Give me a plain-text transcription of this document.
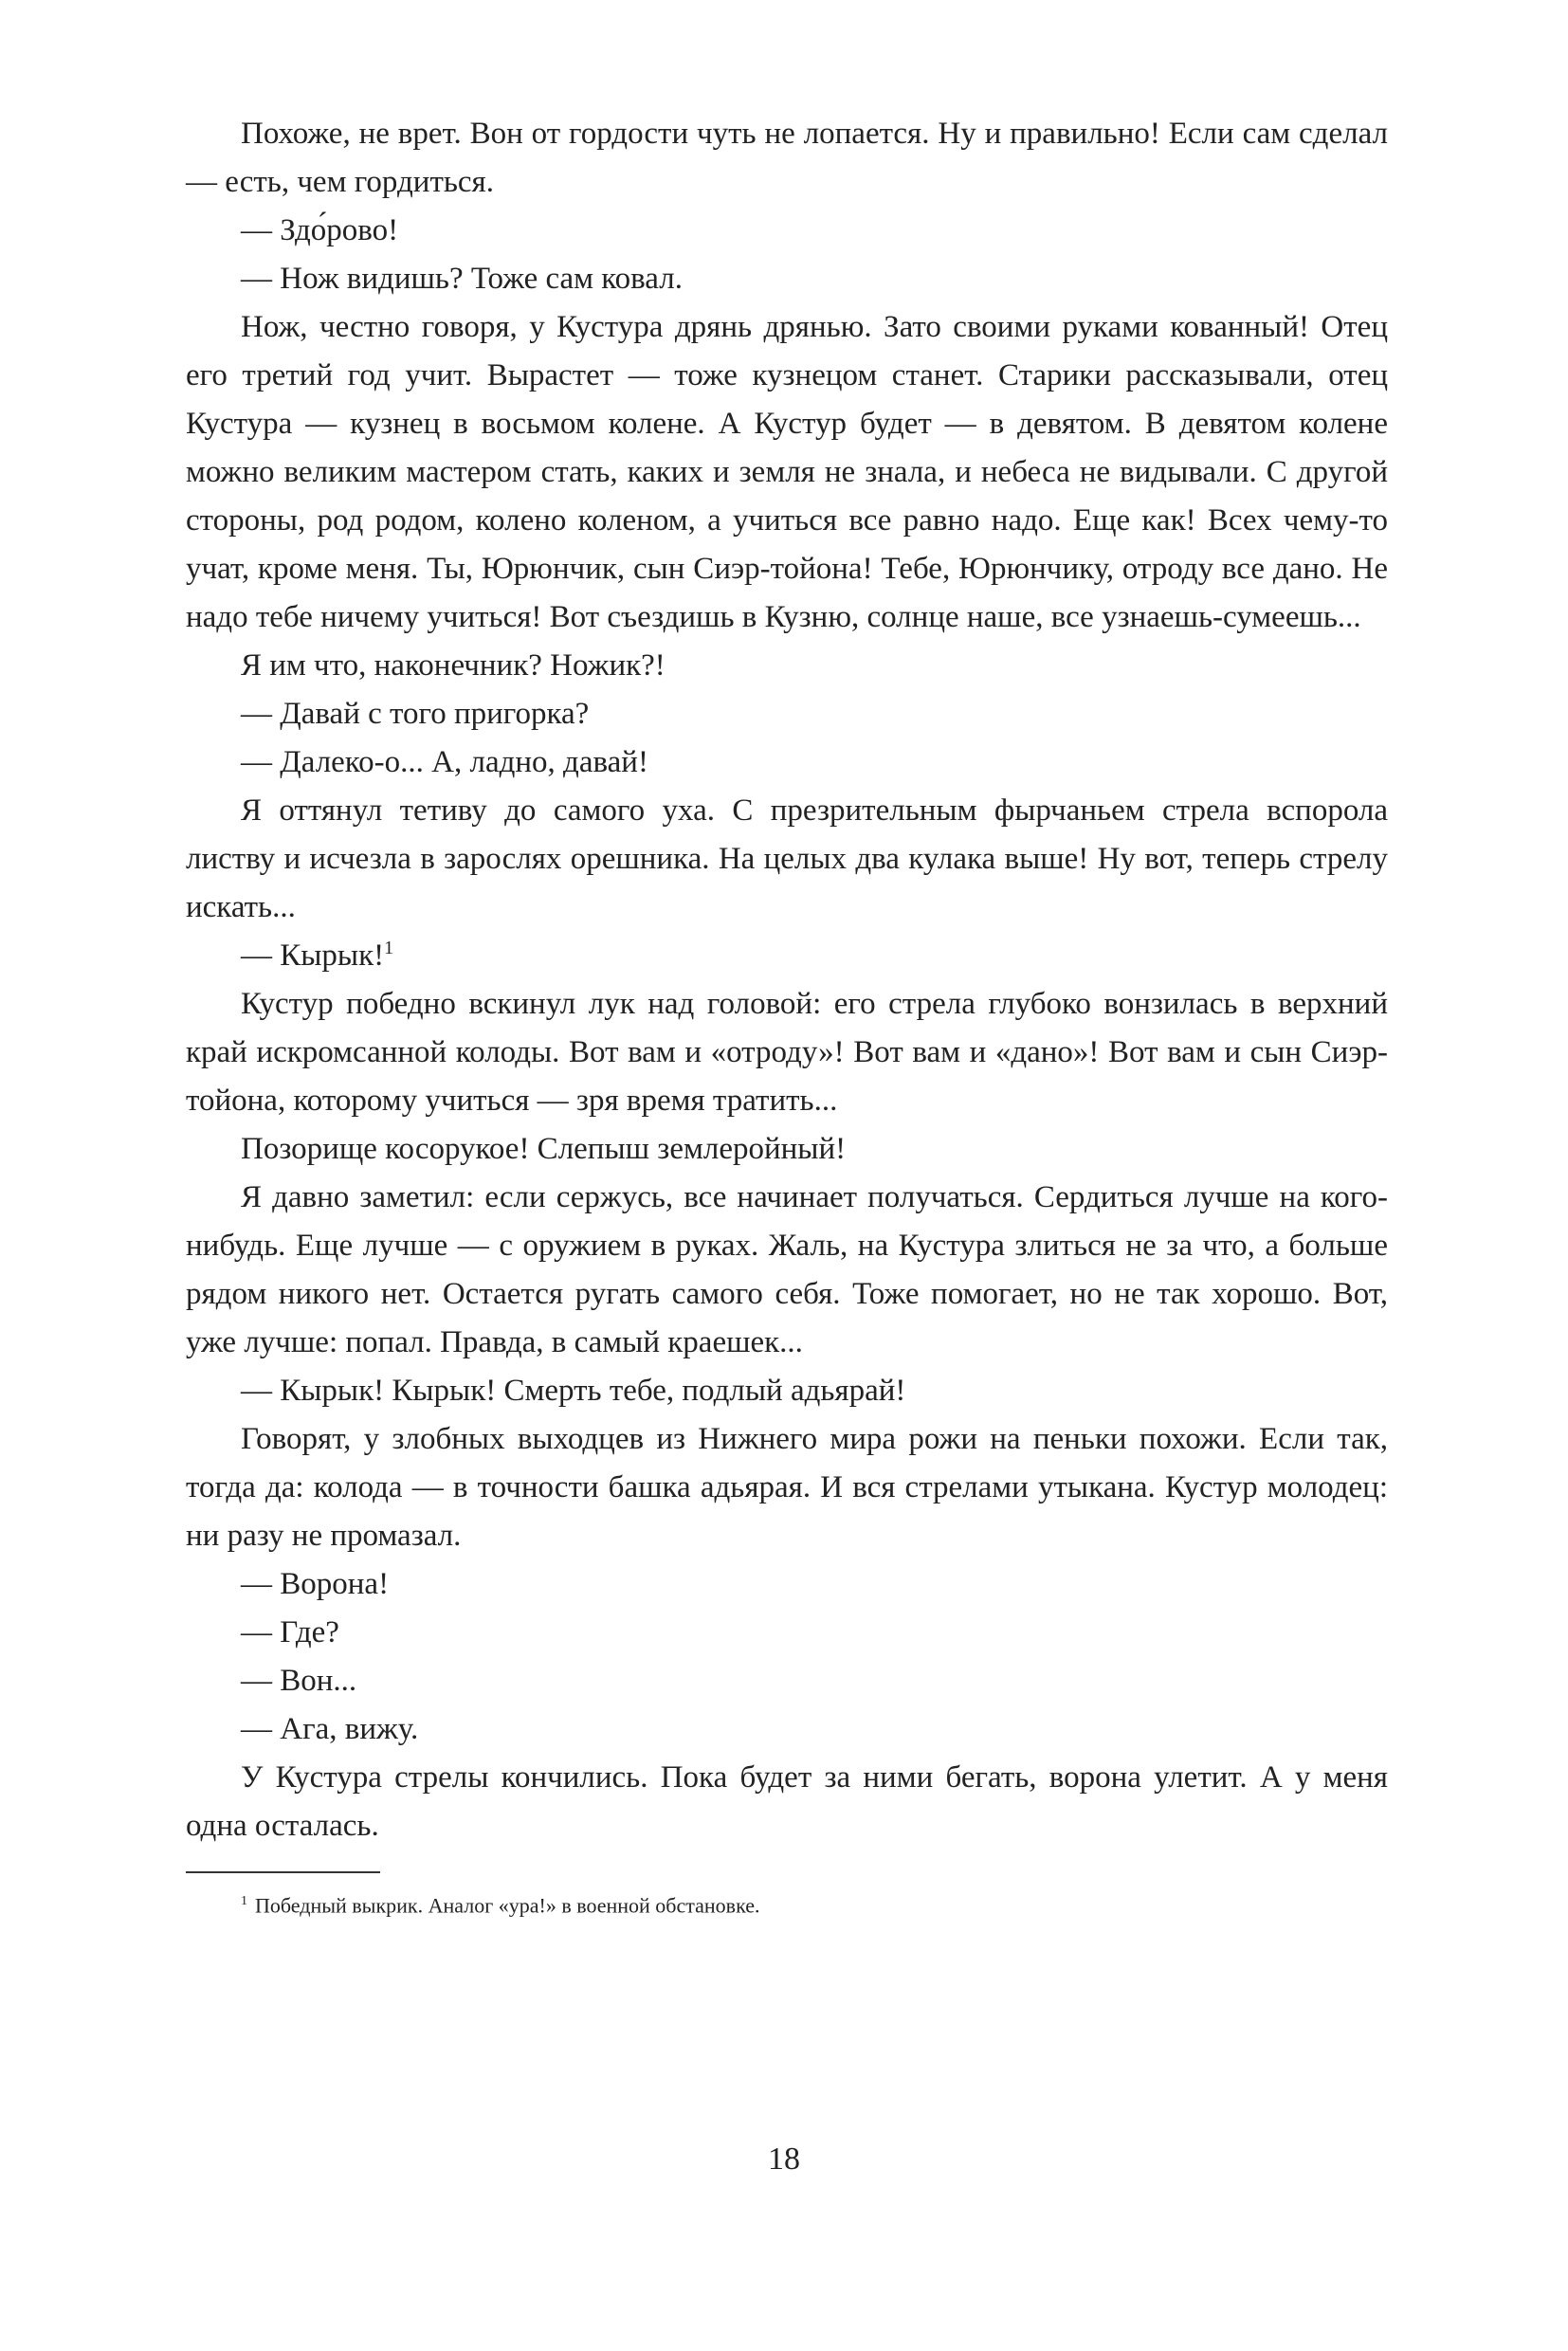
Похоже, не врет. Вон от гордости чуть не лопается. Ну и правильно! Если сам сделал — есть, чем гордиться.

— Здо́рово!

— Нож видишь? Тоже сам ковал.

Нож, честно говоря, у Кустура дрянь дрянью. Зато своими руками кованный! Отец его третий год учит. Вырастет — тоже кузнецом станет. Старики рассказывали, отец Кустура — кузнец в восьмом колене. А Кустур будет — в девятом. В девятом колене можно великим мастером стать, каких и земля не знала, и небеса не видывали. С другой стороны, род родом, колено коленом, а учиться все равно надо. Еще как! Всех чему-то учат, кроме меня. Ты, Юрюнчик, сын Сиэр-тойона! Тебе, Юрюнчику, отроду все дано. Не надо тебе ничему учиться! Вот съездишь в Кузню, солнце наше, все узнаешь-сумеешь...

Я им что, наконечник? Ножик?!

— Давай с того пригорка?

— Далеко-о... А, ладно, давай!

Я оттянул тетиву до самого уха. С презрительным фырчаньем стрела вспорола листву и исчезла в зарослях орешника. На целых два кулака выше! Ну вот, теперь стрелу искать...

— Кырык!$^1$

Кустур победно вскинул лук над головой: его стрела глубоко вонзилась в верхний край искромсанной колоды. Вот вам и «отроду»! Вот вам и «дано»! Вот вам и сын Сиэр-тойона, которому учиться — зря время тратить...

Позорище косорукое! Слепыш землеройный!

Я давно заметил: если сержусь, все начинает получаться. Сердиться лучше на кого-нибудь. Еще лучше — с оружием в руках. Жаль, на Кустура злиться не за что, а больше рядом никого нет. Остается ругать самого себя. Тоже помогает, но не так хорошо. Вот, уже лучше: попал. Правда, в самый краешек...

— Кырык! Кырык! Смерть тебе, подлый адьярай!

Говорят, у злобных выходцев из Нижнего мира рожи на пеньки похожи. Если так, тогда да: колода — в точности башка адьярая. И вся стрелами утыкана. Кустур молодец: ни разу не промазал.

— Ворона!

— Где?

— Вон...

— Ага, вижу.

У Кустура стрелы кончились. Пока будет за ними бегать, ворона улетит. А у меня одна осталась.

$^1$ Победный выкрик. Аналог «ура!» в военной обстановке.

18
